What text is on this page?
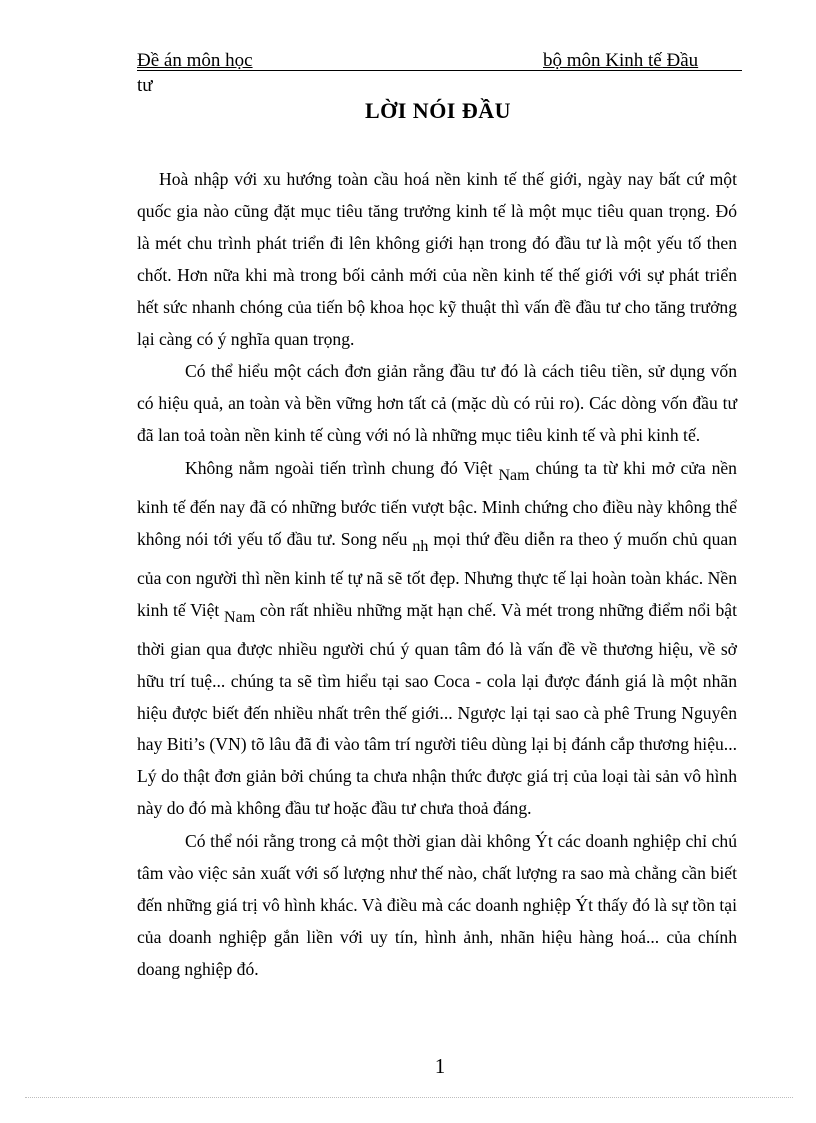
Đề án môn học	bộ môn Kinh tế Đầu
tư
LỜI NÓI ĐẦU

Hoà nhập với xu hướng toàn cầu hoá nền kinh tế thế giới, ngày nay bất cứ một quốc gia nào cũng đặt mục tiêu tăng trưởng kinh tế là một mục tiêu quan trọng. Đó là mét chu trình phát triển đi lên không giới hạn trong đó đầu tư là một yếu tố then chốt. Hơn nữa khi mà trong bối cảnh mới của nền kinh tế thế giới với sự phát triển hết sức nhanh chóng của tiến bộ khoa học kỹ thuật thì vấn đề đầu tư cho tăng trưởng lại càng có ý nghĩa quan trọng.

Có thể hiểu một cách đơn giản rằng đầu tư đó là cách tiêu tiền, sử dụng vốn có hiệu quả, an toàn và bền vững hơn tất cả (mặc dù có rủi ro). Các dòng vốn đầu tư đã lan toả toàn nền kinh tế cùng với nó là những mục tiêu kinh tế và phi kinh tế.

Không nằm ngoài tiến trình chung đó Việt Nam chúng ta từ khi mở cửa nền kinh tế đến nay đã có những bước tiến vượt bậc. Minh chứng cho điều này không thể không nói tới yếu tố đầu tư. Song nếu nh mọi thứ đều diễn ra theo ý muốn chủ quan của con người thì nền kinh tế tự nã sẽ tốt đẹp. Nhưng thực tế lại hoàn toàn khác. Nền kinh tế Việt Nam còn rất nhiều những mặt hạn chế. Và mét trong những điểm nổi bật thời gian qua được nhiều người chú ý quan tâm đó là vấn đề về thương hiệu, về sở hữu trí tuệ... chúng ta sẽ tìm hiểu tại sao Coca - cola lại được đánh giá là một nhãn hiệu được biết đến nhiều nhất trên thế giới... Ngược lại tại sao cà phê Trung Nguyên hay Biti’s (VN) tõ lâu đã đi vào tâm trí người tiêu dùng lại bị đánh cắp thương hiệu... Lý do thật đơn giản bởi chúng ta chưa nhận thức được giá trị của loại tài sản vô hình này do đó mà không đầu tư hoặc đầu tư chưa thoả đáng.

Có thể nói rằng trong cả một thời gian dài không Ýt các doanh nghiệp chỉ chú tâm vào việc sản xuất với số lượng như thế nào, chất lượng ra sao mà chẳng cần biết đến những giá trị vô hình khác. Và điều mà các doanh nghiệp Ýt thấy đó là sự tồn tại của doanh nghiệp gắn liền với uy tín, hình ảnh, nhãn hiệu hàng hoá... của chính doang nghiệp đó.

1
